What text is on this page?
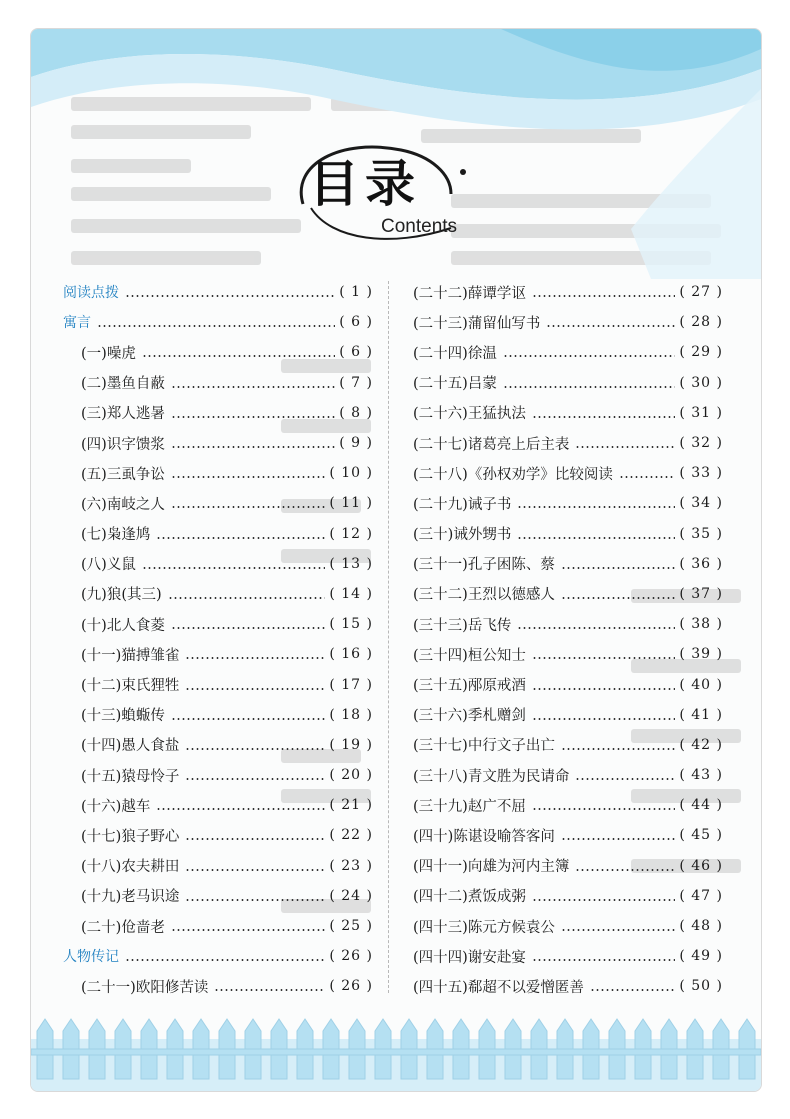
目录
Contents
阅读点拨	( 1 )
寓言	( 6 )
(一)噪虎	( 6 )
(二)墨鱼自蔽	( 7 )
(三)郑人逃暑	( 8 )
(四)识字馈浆	( 9 )
(五)三虱争讼	( 10 )
(六)南岐之人	( 11 )
(七)枭逢鸠	( 12 )
(八)义鼠	( 13 )
(九)狼(其三)	( 14 )
(十)北人食菱	( 15 )
(十一)猫搏雏雀	( 16 )
(十二)束氏狸牲	( 17 )
(十三)蝜蝂传	( 18 )
(十四)愚人食盐	( 19 )
(十五)猿母怜子	( 20 )
(十六)越车	( 21 )
(十七)狼子野心	( 22 )
(十八)农夫耕田	( 23 )
(十九)老马识途	( 24 )
(二十)伧啬老	( 25 )
人物传记	( 26 )
(二十一)欧阳修苦读	( 26 )
(二十二)薛谭学讴	( 27 )
(二十三)蒲留仙写书	( 28 )
(二十四)徐温	( 29 )
(二十五)吕蒙	( 30 )
(二十六)王猛执法	( 31 )
(二十七)诸葛亮上后主表	( 32 )
(二十八)《孙权劝学》比较阅读	( 33 )
(二十九)诫子书	( 34 )
(三十)诫外甥书	( 35 )
(三十一)孔子困陈、蔡	( 36 )
(三十二)王烈以德感人	( 37 )
(三十三)岳飞传	( 38 )
(三十四)桓公知士	( 39 )
(三十五)邴原戒酒	( 40 )
(三十六)季札赠剑	( 41 )
(三十七)中行文子出亡	( 42 )
(三十八)青文胜为民请命	( 43 )
(三十九)赵广不屈	( 44 )
(四十)陈谌设喻答客问	( 45 )
(四十一)向雄为河内主簿	( 46 )
(四十二)煮饭成粥	( 47 )
(四十三)陈元方候袁公	( 48 )
(四十四)谢安赴宴	( 49 )
(四十五)郗超不以爱憎匿善	( 50 )
